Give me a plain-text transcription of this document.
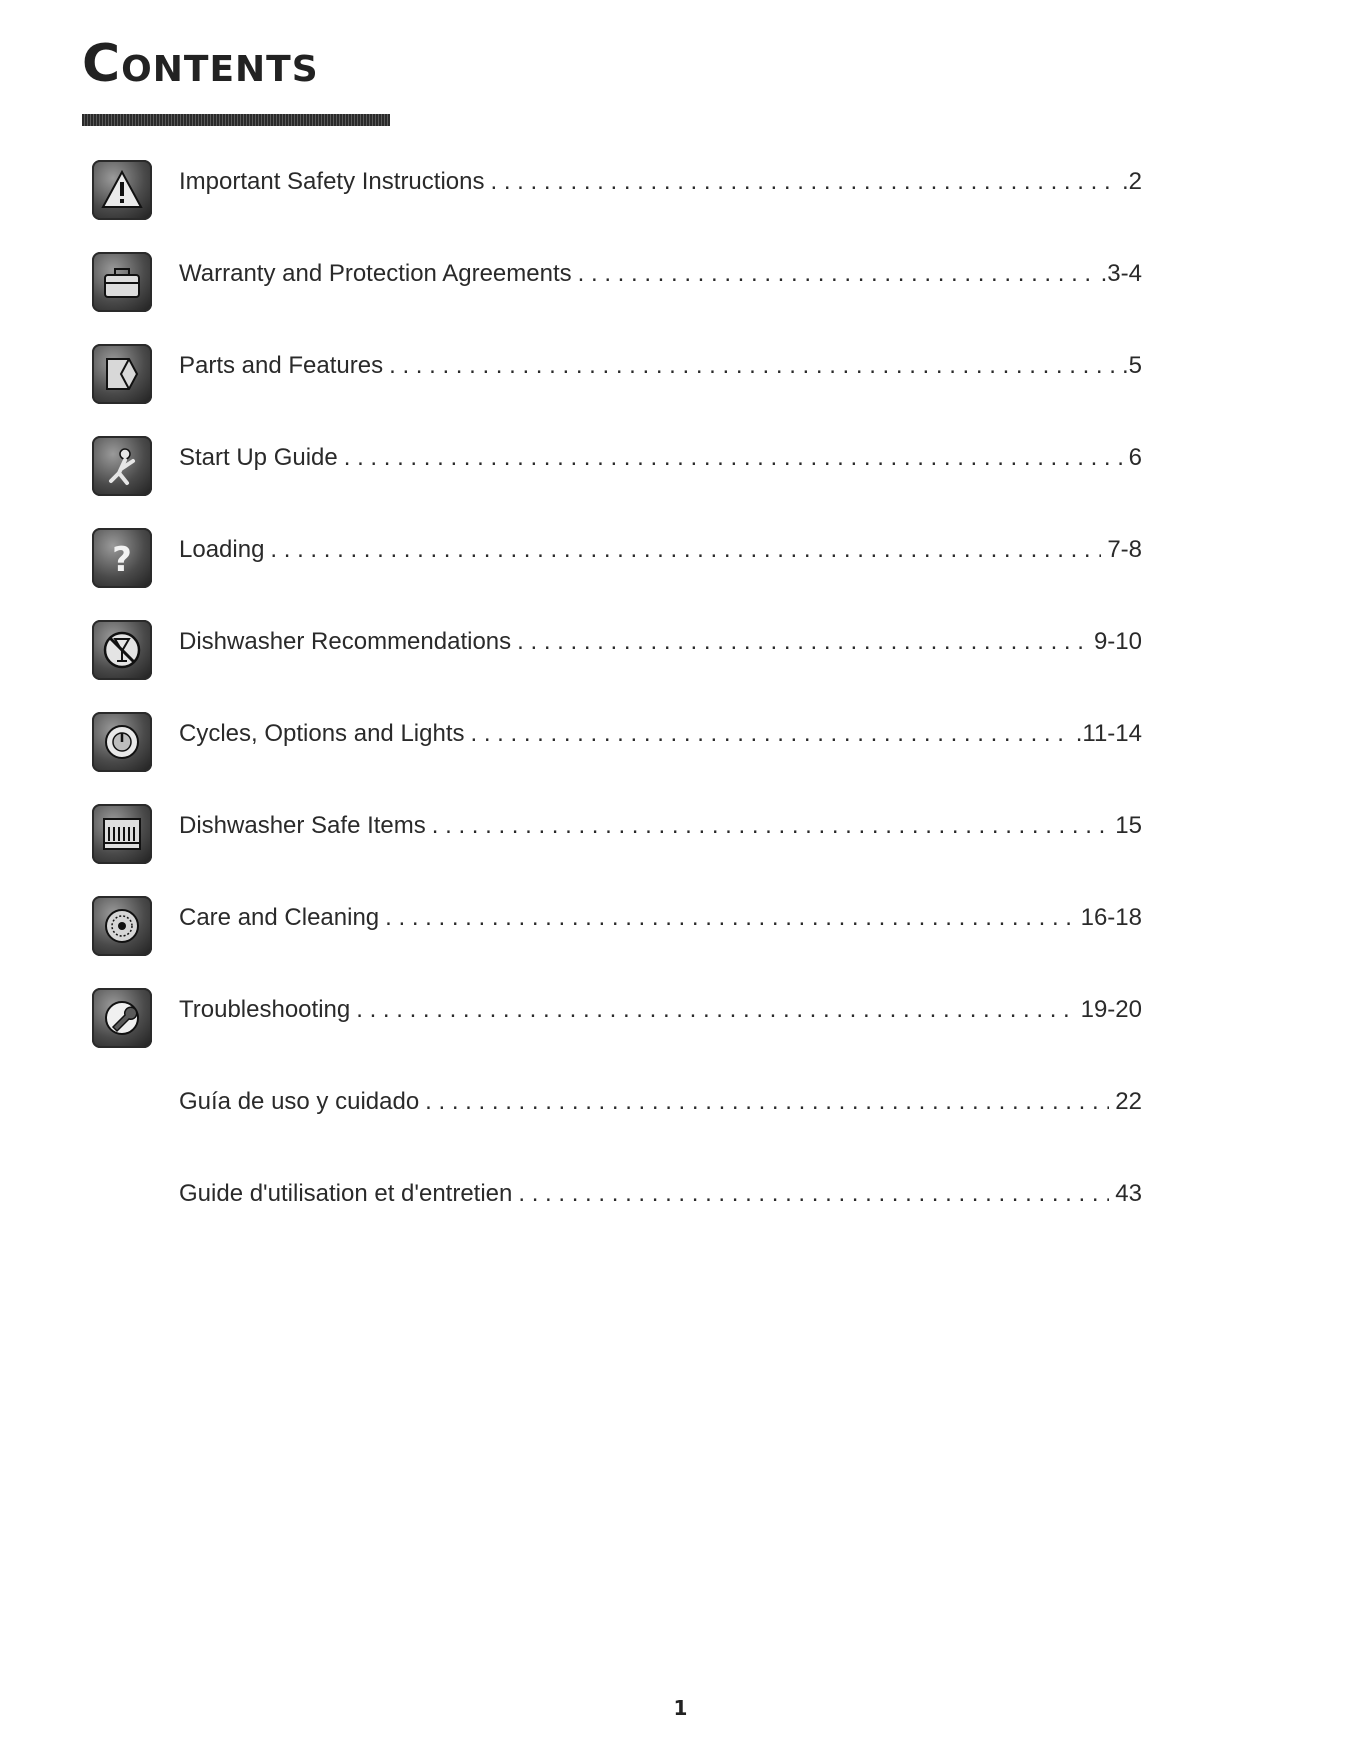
Contents
Important Safety Instructions . . .	.2
Warranty and Protection Agreements . . .	.3-4
Parts and Features . . .	.5
Start Up Guide . . .	6
? Loading . . .	7-8
Dishwasher Recommendations . . .	9-10
Cycles, Options and Lights . . .	.11-14
Dishwasher Safe Items . . .	15
Care and Cleaning . . .	16-18
Troubleshooting . . .	19-20
Guía de uso y cuidado . . .	22
Guide d'utilisation et d'entretien . . .	43
1
